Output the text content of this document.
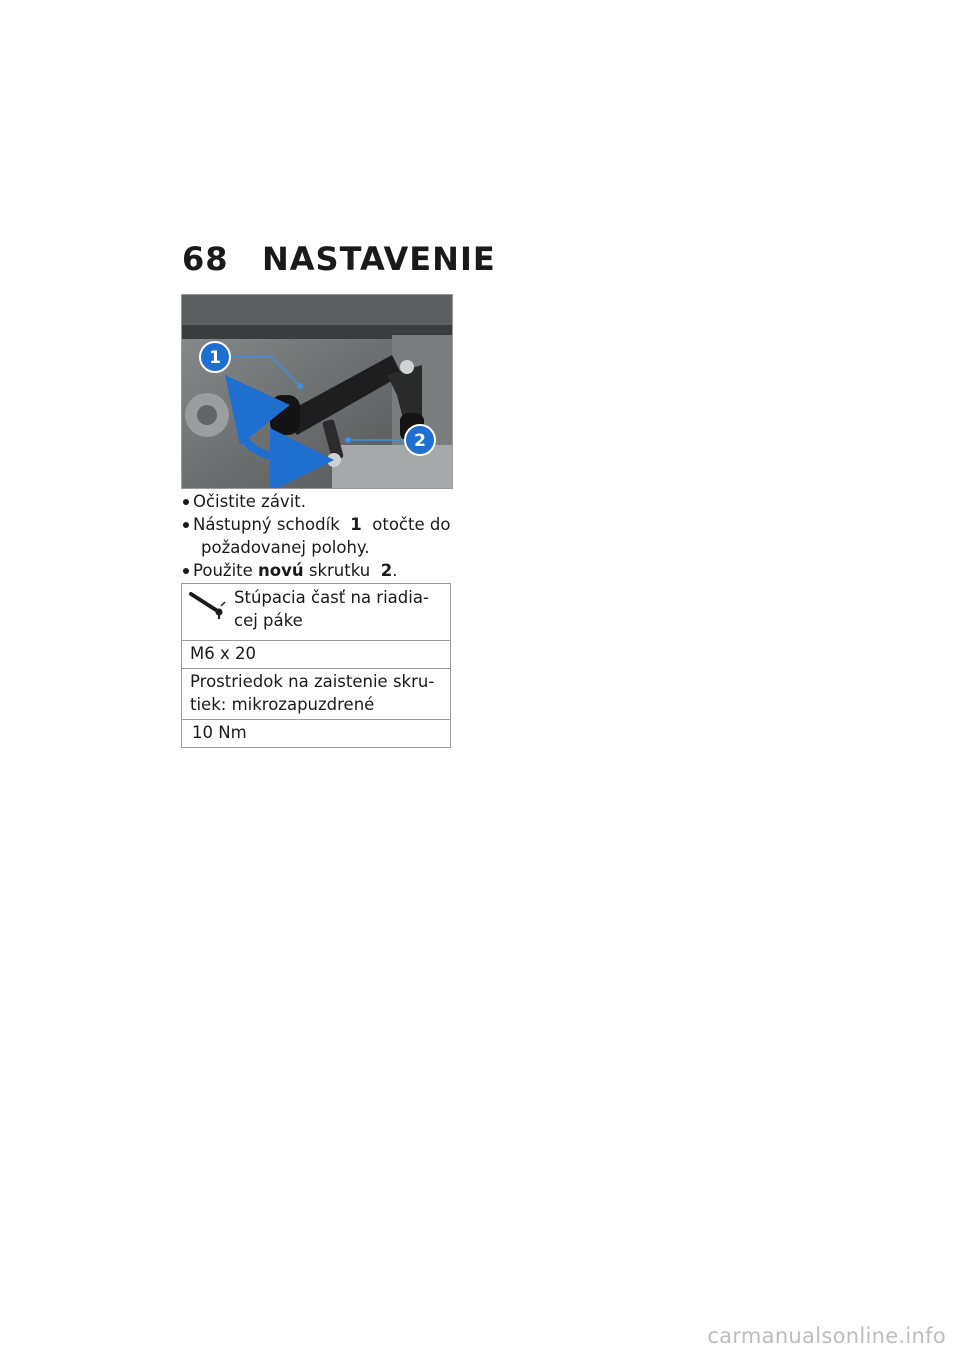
68 NASTAVENIE
1
2
Očistite závit.
Nástupný schodík 1 otočte do
požadovanej polohy.
Použite novú skrutku 2.
Stúpacia časť na riadia-
cej páke
M6 x 20
Prostriedok na zaistenie skru-
tiek: mikrozapuzdrené
10 Nm
carmanualsonline.info
